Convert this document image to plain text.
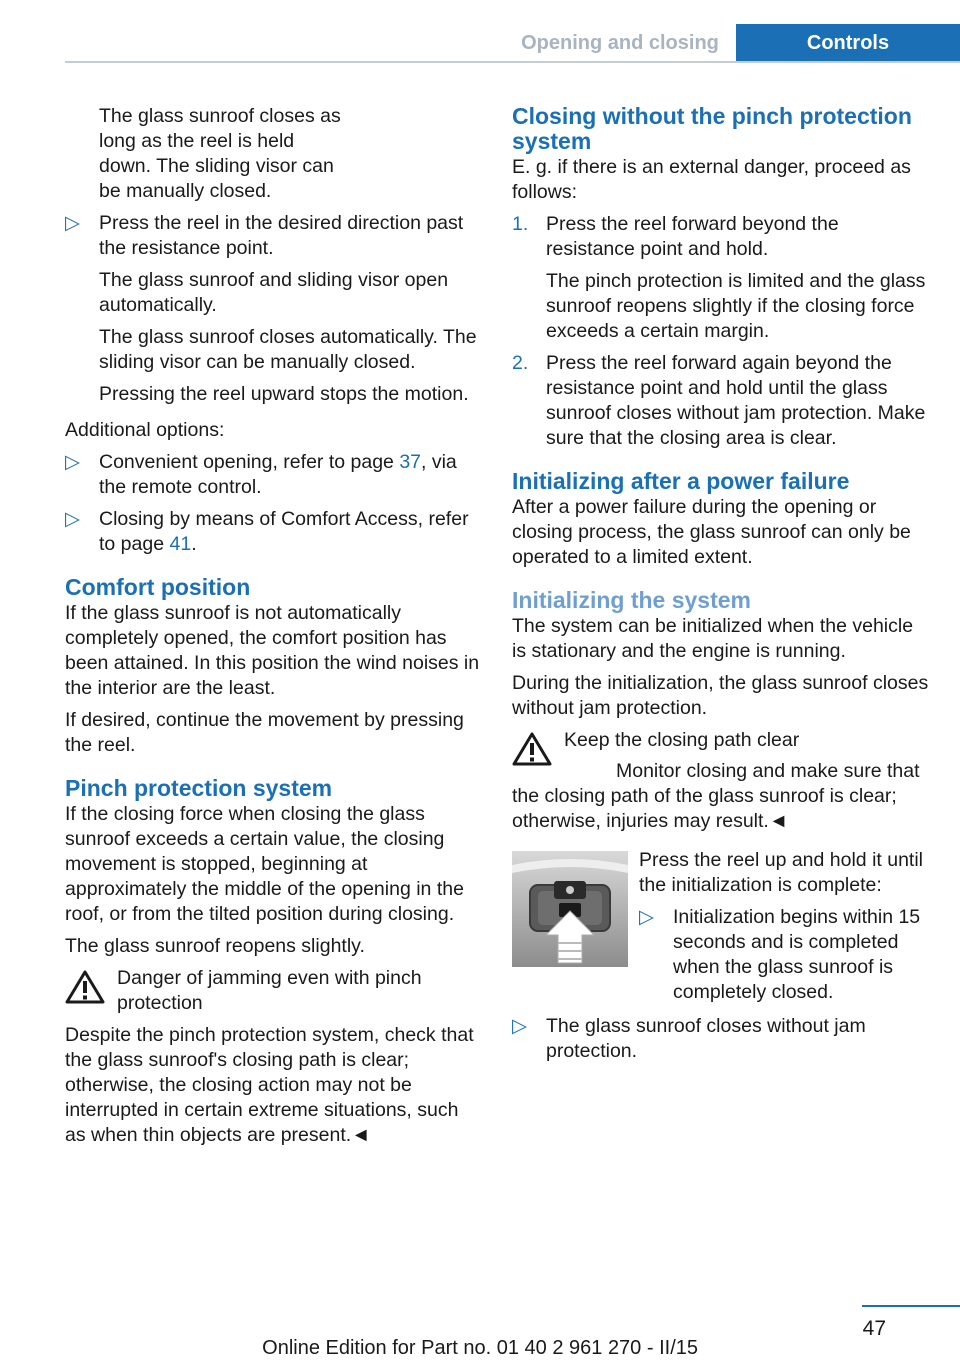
Opening and closing	Controls
The glass sunroof closes as
long as the reel is held
down. The sliding visor can
be manually closed.
▷ Press the reel in the desired direction past the resistance point.

The glass sunroof and sliding visor open automatically.

The glass sunroof closes automatically. The sliding visor can be manually closed.

Pressing the reel upward stops the motion.

Additional options:

▷ Convenient opening, refer to page 37, via the remote control.
▷ Closing by means of Comfort Access, refer to page 41.
Comfort position

If the glass sunroof is not automatically completely opened, the comfort position has been attained. In this position the wind noises in the interior are the least.

If desired, continue the movement by pressing the reel.

Pinch protection system

If the closing force when closing the glass sunroof exceeds a certain value, the closing movement is stopped, beginning at approximately the middle of the opening in the roof, or from the tilted position during closing.

The glass sunroof reopens slightly.

Danger of jamming even with pinch protection

Despite the pinch protection system, check that the glass sunroof's closing path is clear; otherwise, the closing action may not be interrupted in certain extreme situations, such as when thin objects are present.◄

Closing without the pinch protection system

E. g. if there is an external danger, proceed as follows:

1. Press the reel forward beyond the resistance point and hold.

The pinch protection is limited and the glass sunroof reopens slightly if the closing force exceeds a certain margin.

2. Press the reel forward again beyond the resistance point and hold until the glass sunroof closes without jam protection. Make sure that the closing area is clear.

Initializing after a power failure

After a power failure during the opening or closing process, the glass sunroof can only be operated to a limited extent.

Initializing the system

The system can be initialized when the vehicle is stationary and the engine is running.

During the initialization, the glass sunroof closes without jam protection.

Keep the closing path clear

Monitor closing and make sure that the closing path of the glass sunroof is clear; otherwise, injuries may result.◄

Press the reel up and hold it until the initialization is complete:

▷ Initialization begins within 15 seconds and is completed when the glass sunroof is completely closed.

▷ The glass sunroof closes without jam protection.

47
Online Edition for Part no. 01 40 2 961 270 - II/15
